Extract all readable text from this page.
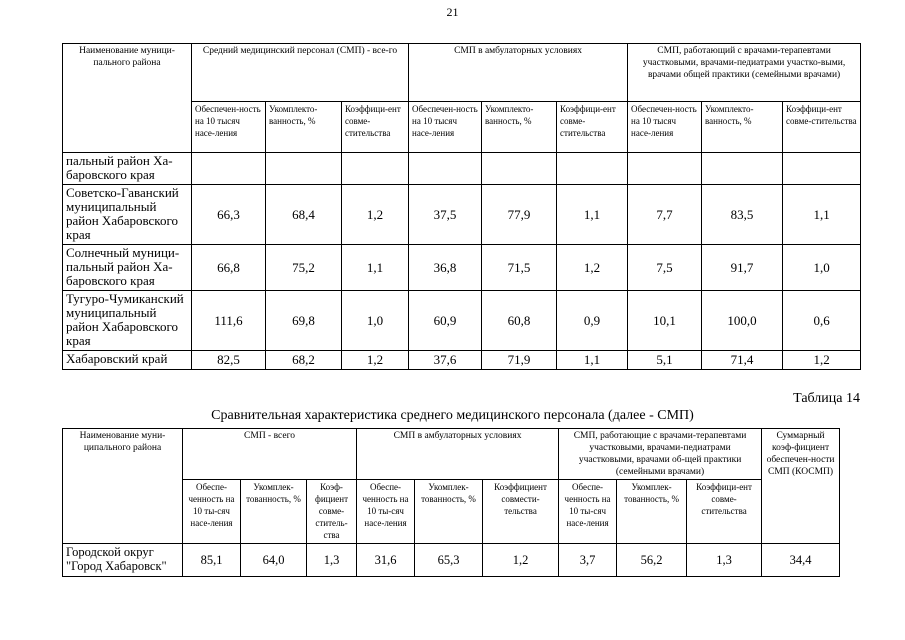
21
Наименование муници-пального района	Средний медицинский персонал (СМП) - все-го			СМП в амбулаторных условиях			СМП, работающий с врачами-терапевтами участковыми, врачами-педиатрами участко-выми, врачами общей практики (семейными врачами)		
	Обеспечен-ность на 10 тысяч насе-ления	Укомплекто-ванность, %	Коэффици-ент совме-стительства	Обеспечен-ность на 10 тысяч насе-ления	Укомплекто-ванность, %	Коэффици-ент совме-стительства	Обеспечен-ность на 10 тысяч насе-ления	Укомплекто-ванность, %	Коэффици-ент совме-стительства
пальный район Ха-баровского края									
Советско-Гаванский муниципальный район Хабаровского края	66,3	68,4	1,2	37,5	77,9	1,1	7,7	83,5	1,1
Солнечный муници-пальный район Ха-баровского края	66,8	75,2	1,1	36,8	71,5	1,2	7,5	91,7	1,0
Тугуро-Чумиканский муниципальный район Хабаровского края	111,6	69,8	1,0	60,9	60,8	0,9	10,1	100,0	0,6
Хабаровский край	82,5	68,2	1,2	37,6	71,9	1,1	5,1	71,4	1,2
Таблица 14
Сравнительная характеристика среднего медицинского персонала (далее - СМП)
Наименование муни-ципального района	СМП - всего			СМП в амбулаторных условиях			СМП, работающие с врачами-терапевтами участковыми, врачами-педиатрами участковыми, врачами об-щей практики (семейными врачами)			Суммарный коэф-фициент обеспечен-ности СМП (КОСМП)
	Обеспе-ченность на 10 ты-сяч насе-ления	Укомплек-тованность, %	Коэф-фициент совме-ститель-ства	Обеспе-ченность на 10 ты-сяч насе-ления	Укомплек-тованность, %	Коэффициент совмести-тельства	Обеспе-ченность на 10 ты-сяч насе-ления	Укомплек-тованность, %	Коэффици-ент совме-стительства	
Городской округ "Город Хабаровск"	85,1	64,0	1,3	31,6	65,3	1,2	3,7	56,2	1,3	34,4
